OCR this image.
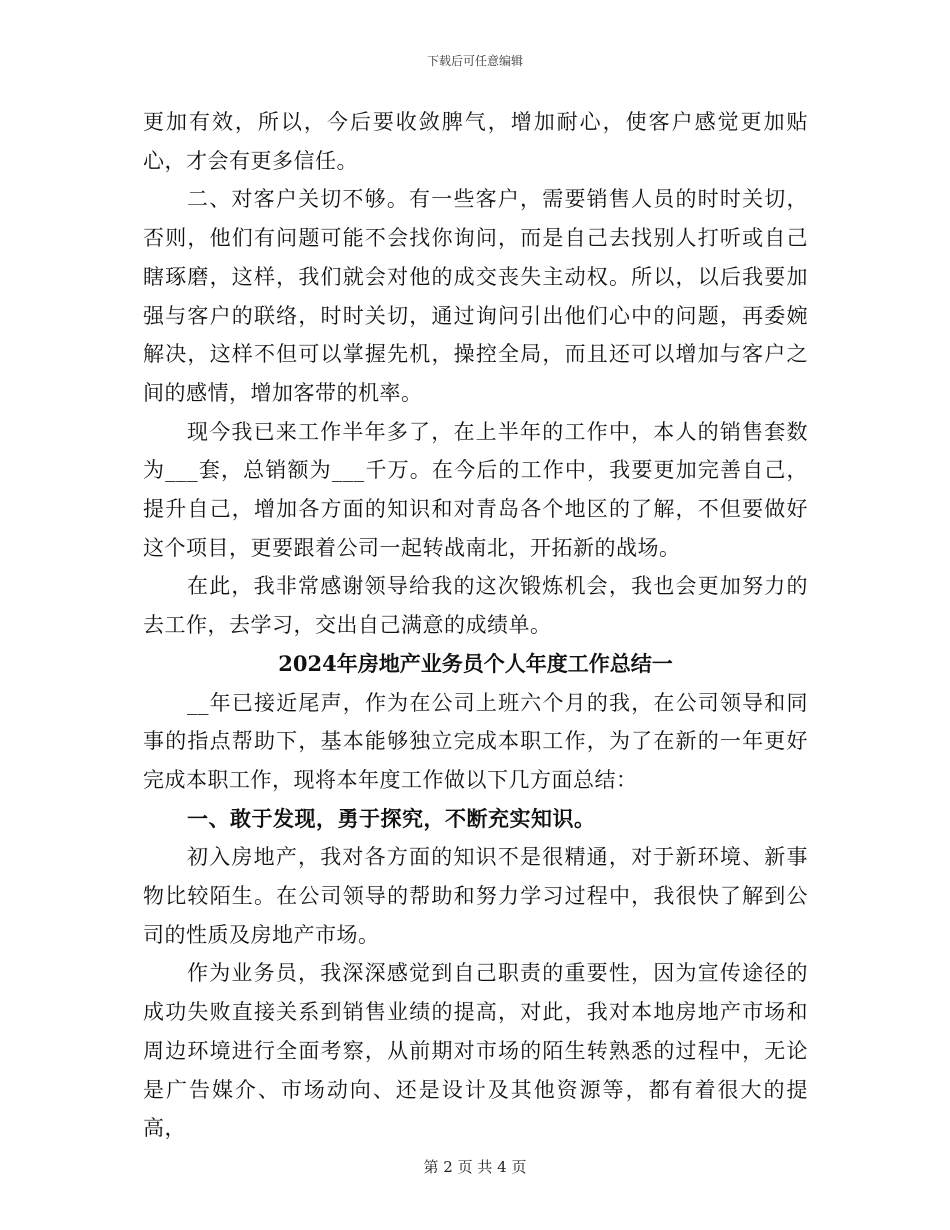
下载后可任意编辑

更加有效，所以，今后要收敛脾气，增加耐心，使客户感觉更加贴心，才会有更多信任。

二、对客户关切不够。有一些客户，需要销售人员的时时关切，否则，他们有问题可能不会找你询问，而是自己去找别人打听或自己瞎琢磨，这样，我们就会对他的成交丧失主动权。所以，以后我要加强与客户的联络，时时关切，通过询问引出他们心中的问题，再委婉解决，这样不但可以掌握先机，操控全局，而且还可以增加与客户之间的感情，增加客带的机率。

现今我已来工作半年多了，在上半年的工作中，本人的销售套数为___套，总销额为___千万。在今后的工作中，我要更加完善自己，提升自己，增加各方面的知识和对青岛各个地区的了解，不但要做好这个项目，更要跟着公司一起转战南北，开拓新的战场。

在此，我非常感谢领导给我的这次锻炼机会，我也会更加努力的去工作，去学习，交出自己满意的成绩单。

2024年房地产业务员个人年度工作总结一

__年已接近尾声，作为在公司上班六个月的我，在公司领导和同事的指点帮助下，基本能够独立完成本职工作，为了在新的一年更好完成本职工作，现将本年度工作做以下几方面总结：

一、敢于发现，勇于探究，不断充实知识。

初入房地产，我对各方面的知识不是很精通，对于新环境、新事物比较陌生。在公司领导的帮助和努力学习过程中，我很快了解到公司的性质及房地产市场。

作为业务员，我深深感觉到自己职责的重要性，因为宣传途径的成功失败直接关系到销售业绩的提高，对此，我对本地房地产市场和周边环境进行全面考察，从前期对市场的陌生转熟悉的过程中，无论是广告媒介、市场动向、还是设计及其他资源等，都有着很大的提高，

第 2 页 共 4 页
